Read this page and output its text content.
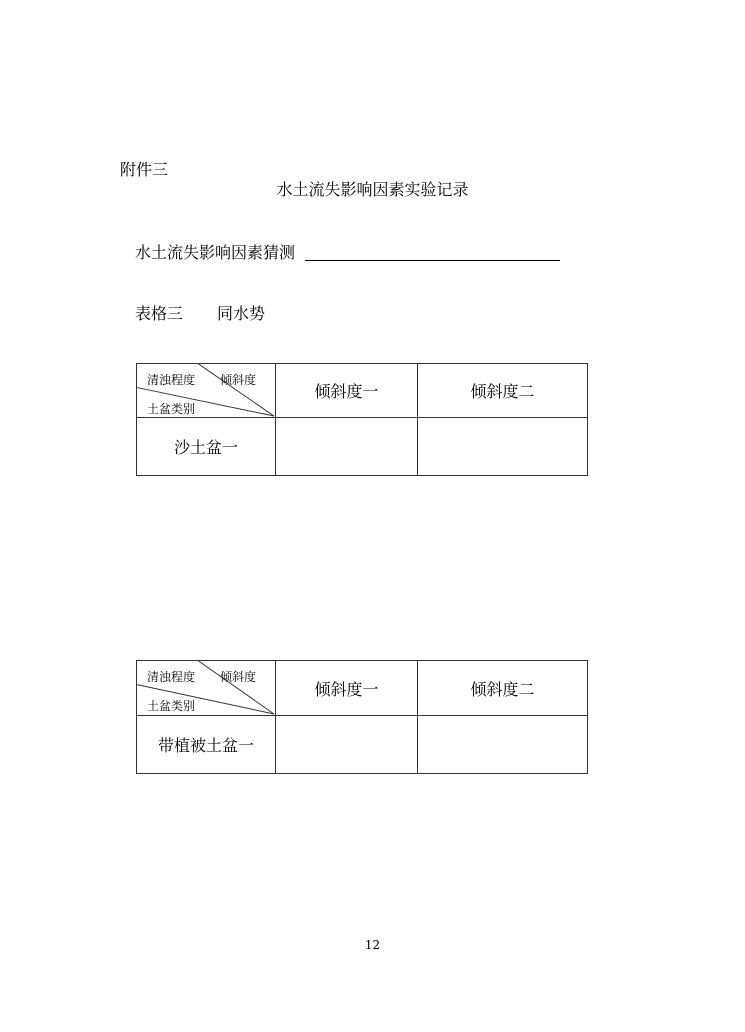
附件三
水土流失影响因素实验记录
水土流失影响因素猜测
表格三 同水势
清浊程度 倾斜度
土盆类别
倾斜度一	倾斜度二
沙土盆一
清浊程度 倾斜度
土盆类别
倾斜度一	倾斜度二
带植被土盆一
12
